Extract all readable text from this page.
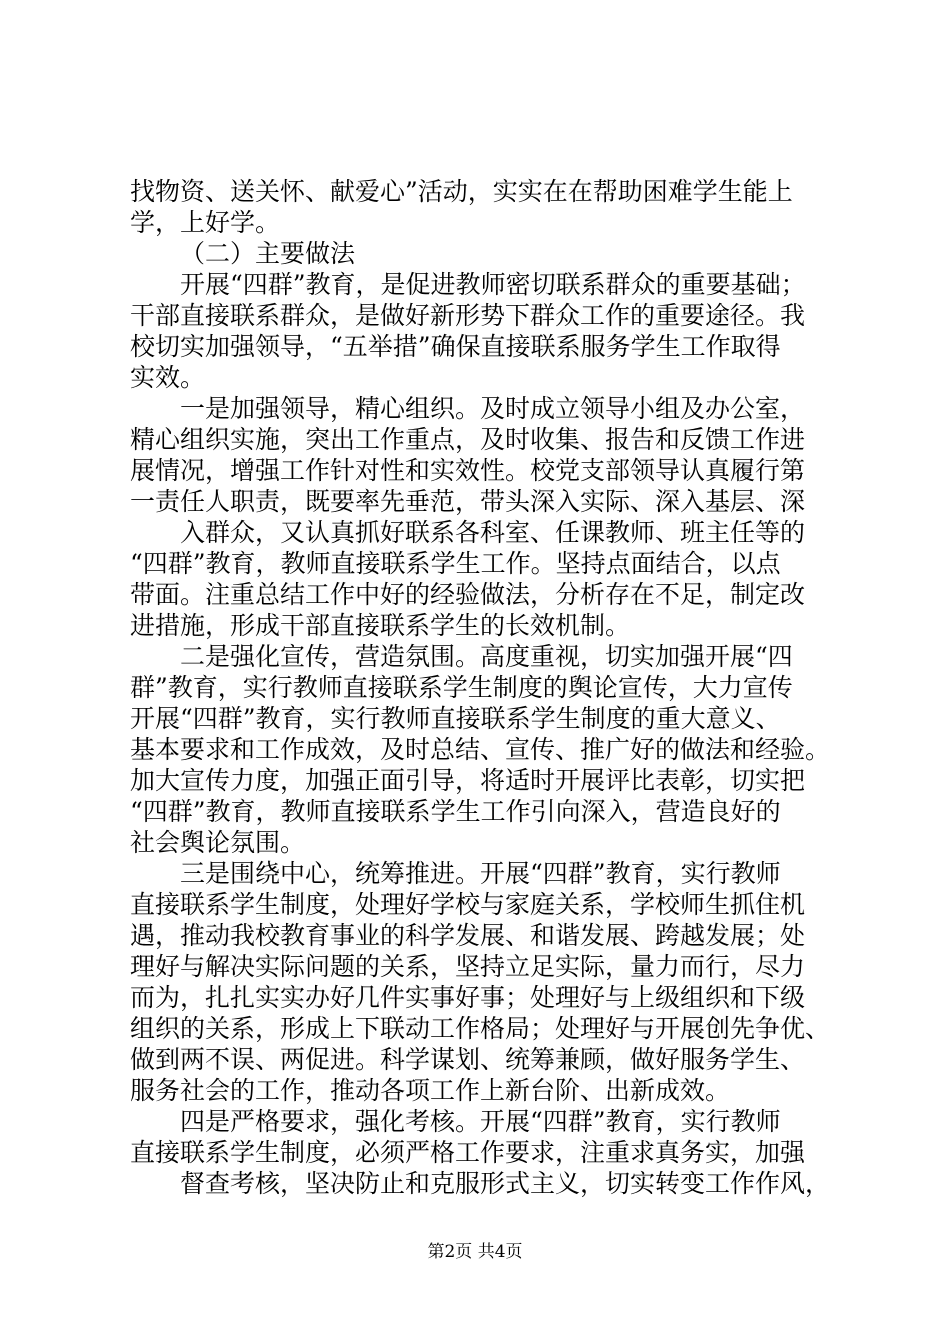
找物资、送关怀、献爱心”活动，实实在在帮助困难学生能上
学，上好学。
（二）主要做法
开展“四群”教育，是促进教师密切联系群众的重要基础；
干部直接联系群众，是做好新形势下群众工作的重要途径。我
校切实加强领导，“五举措”确保直接联系服务学生工作取得
实效。
一是加强领导，精心组织。及时成立领导小组及办公室，
精心组织实施，突出工作重点，及时收集、报告和反馈工作进
展情况，增强工作针对性和实效性。校党支部领导认真履行第
一责任人职责，既要率先垂范，带头深入实际、深入基层、深
入群众，又认真抓好联系各科室、任课教师、班主任等的
“四群”教育，教师直接联系学生工作。坚持点面结合，以点
带面。注重总结工作中好的经验做法，分析存在不足，制定改
进措施，形成干部直接联系学生的长效机制。
二是强化宣传，营造氛围。高度重视，切实加强开展“四
群”教育，实行教师直接联系学生制度的舆论宣传，大力宣传
开展“四群”教育，实行教师直接联系学生制度的重大意义、
基本要求和工作成效，及时总结、宣传、推广好的做法和经验。
加大宣传力度，加强正面引导，将适时开展评比表彰，切实把
“四群”教育，教师直接联系学生工作引向深入，营造良好的
社会舆论氛围。
三是围绕中心，统筹推进。开展“四群”教育，实行教师
直接联系学生制度，处理好学校与家庭关系，学校师生抓住机
遇，推动我校教育事业的科学发展、和谐发展、跨越发展；处
理好与解决实际问题的关系，坚持立足实际，量力而行，尽力
而为，扎扎实实办好几件实事好事；处理好与上级组织和下级
组织的关系，形成上下联动工作格局；处理好与开展创先争优、
做到两不误、两促进。科学谋划、统筹兼顾，做好服务学生、
服务社会的工作，推动各项工作上新台阶、出新成效。
四是严格要求，强化考核。开展“四群”教育，实行教师
直接联系学生制度，必须严格工作要求，注重求真务实，加强
督查考核，坚决防止和克服形式主义，切实转变工作作风，
第2页 共4页
